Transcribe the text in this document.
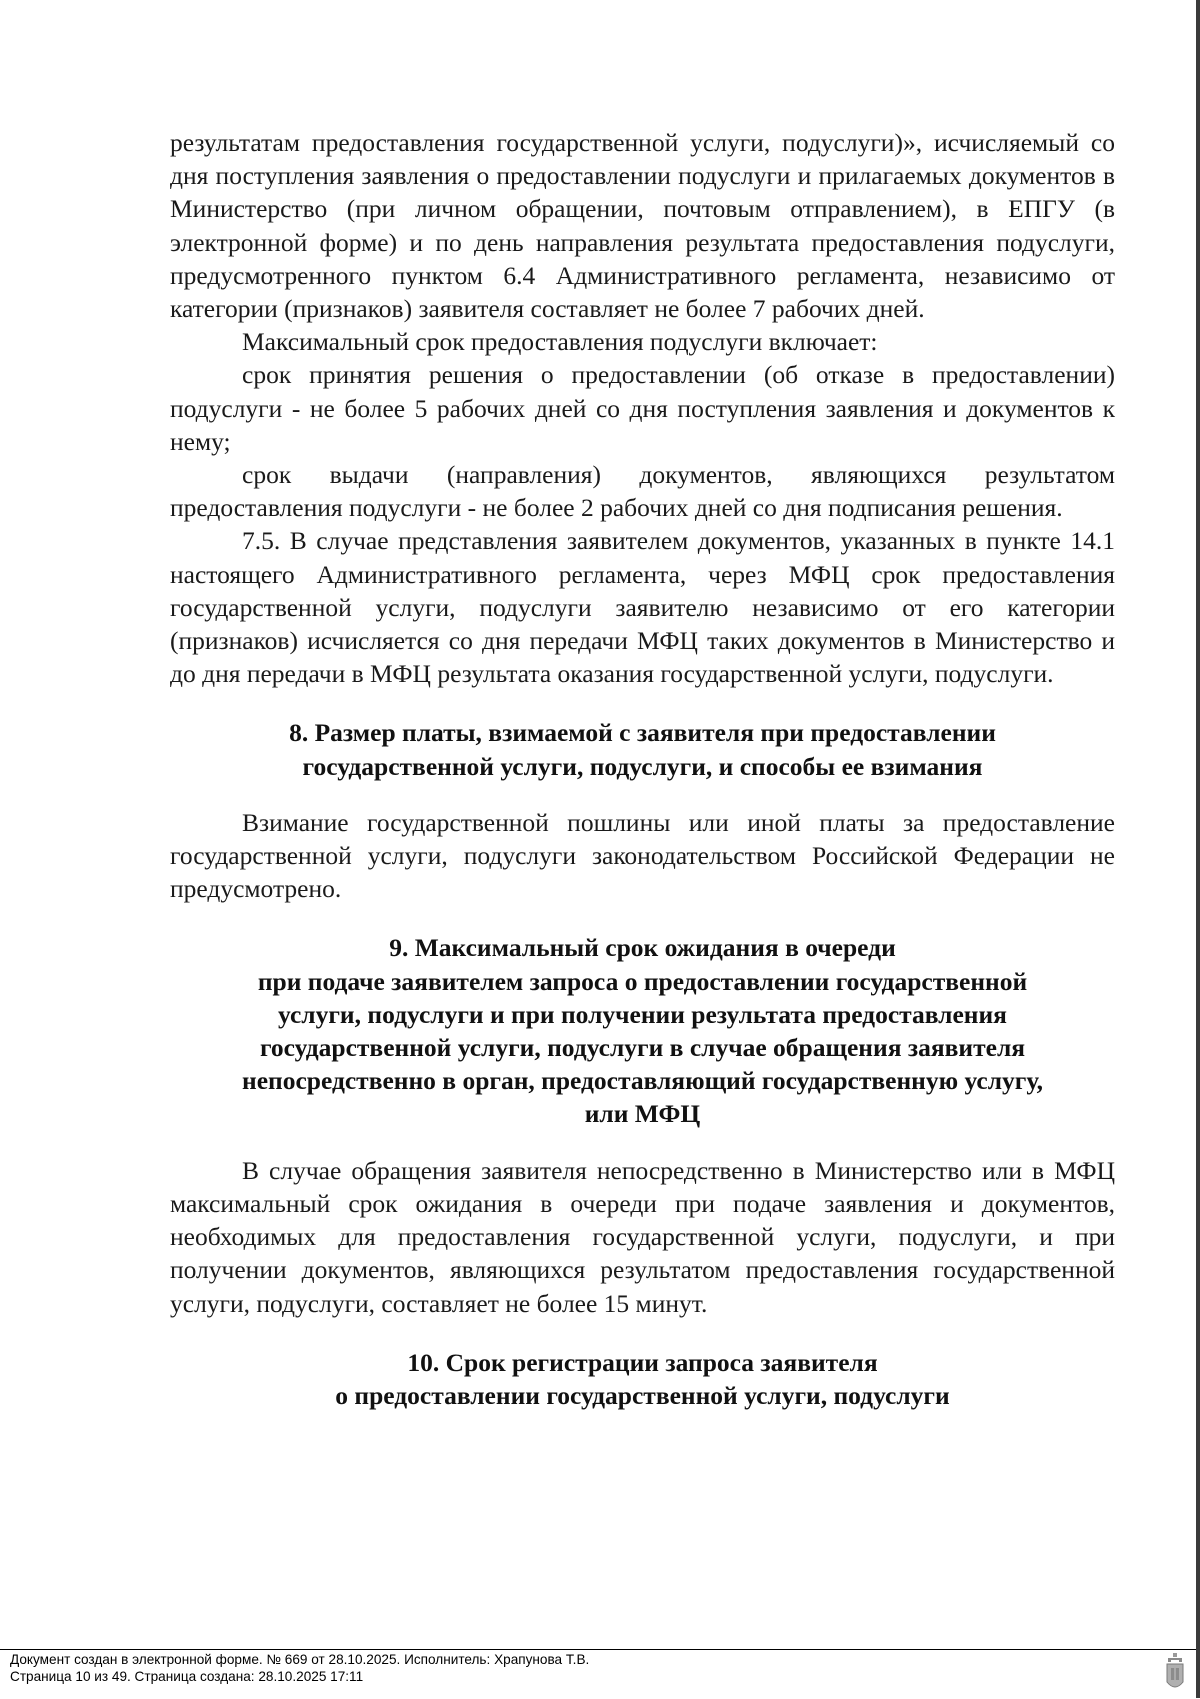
результатам предоставления государственной услуги, подуслуги)», исчисляемый со дня поступления заявления о предоставлении подуслуги и прилагаемых документов в Министерство (при личном обращении, почтовым отправлением), в ЕПГУ (в электронной форме) и по день направления результата предоставления подуслуги, предусмотренного пунктом 6.4 Административного регламента, независимо от категории (признаков) заявителя составляет не более 7 рабочих дней.

Максимальный срок предоставления подуслуги включает:

срок принятия решения о предоставлении (об отказе в предоставлении) подуслуги - не более 5 рабочих дней со дня поступления заявления и документов к нему;

срок выдачи (направления) документов, являющихся результатом предоставления подуслуги - не более 2 рабочих дней со дня подписания решения.

7.5. В случае представления заявителем документов, указанных в пункте 14.1 настоящего Административного регламента, через МФЦ срок предоставления государственной услуги, подуслуги заявителю независимо от его категории (признаков) исчисляется со дня передачи МФЦ таких документов в Министерство и до дня передачи в МФЦ результата оказания государственной услуги, подуслуги.

8. Размер платы, взимаемой с заявителя при предоставлении
государственной услуги, подуслуги, и способы ее взимания

Взимание государственной пошлины или иной платы за предоставление государственной услуги, подуслуги законодательством Российской Федерации не предусмотрено.

9. Максимальный срок ожидания в очереди
при подаче заявителем запроса о предоставлении государственной
услуги, подуслуги и при получении результата предоставления
государственной услуги, подуслуги в случае обращения заявителя
непосредственно в орган, предоставляющий государственную услугу,
или МФЦ

В случае обращения заявителя непосредственно в Министерство или в МФЦ максимальный срок ожидания в очереди при подаче заявления и документов, необходимых для предоставления государственной услуги, подуслуги, и при получении документов, являющихся результатом предоставления государственной услуги, подуслуги, составляет не более 15 минут.

10. Срок регистрации запроса заявителя
о предоставлении государственной услуги, подуслуги
Документ создан в электронной форме. № 669 от 28.10.2025. Исполнитель: Храпунова Т.В.
Страница 10 из 49. Страница создана: 28.10.2025 17:11
